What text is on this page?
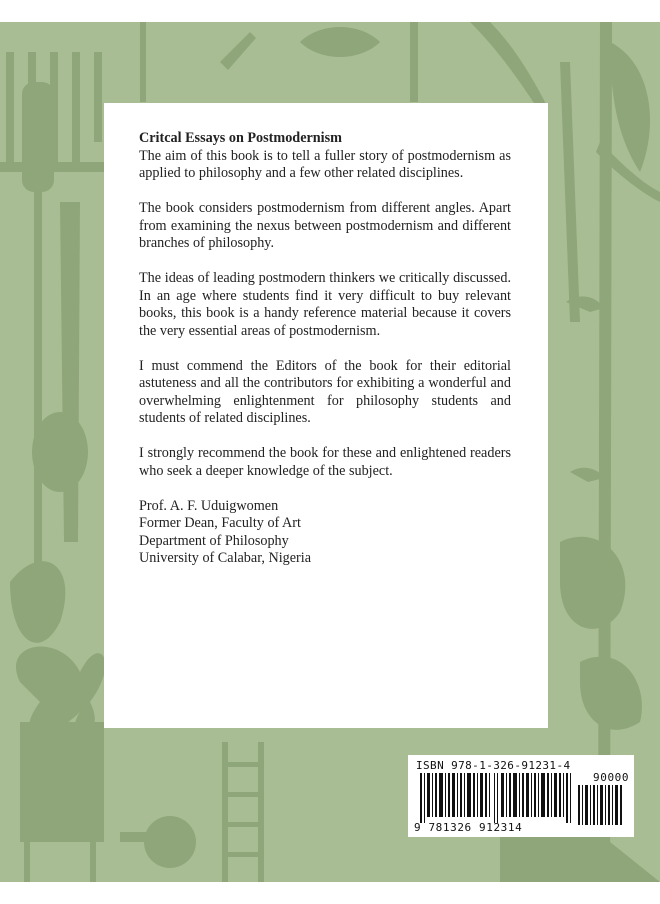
Critcal Essays on Postmodernism

The aim of this book is to tell a fuller story of postmodernism as applied to philosophy and a few other related disciplines.

The book considers postmodernism from different angles. Apart from examining the nexus between postmodernism and different branches of philosophy.

The ideas of leading postmodern thinkers we critically discussed. In an age where students find it very difficult to buy relevant books, this book is a handy reference material because it covers the very essential areas of postmodernism.

I must commend the Editors of the book for their editorial astuteness and all the contributors for exhibiting a wonderful and overwhelming enlightenment for philosophy students and students of related disciplines.

I strongly recommend the book for these and enlightened readers who seek a deeper knowledge of the subject.

Prof. A. F. Uduigwomen

Former Dean, Faculty of Art

Department of Philosophy

University of Calabar, Nigeria

ISBN 978-1-326-91231-4
90000
9 781326 912314
